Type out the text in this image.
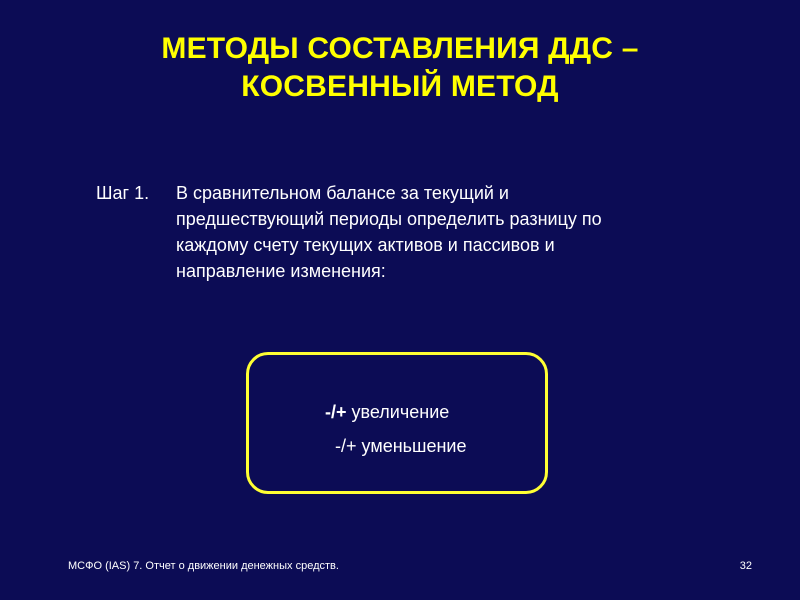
МЕТОДЫ СОСТАВЛЕНИЯ ДДС –
КОСВЕННЫЙ МЕТОД
Шаг 1. В сравнительном балансе за текущий и
предшествующий периоды определить разницу по
каждому счету текущих активов и пассивов и
направление изменения:
-/+ увеличение
-/+ уменьшение
МСФО (IAS) 7. Отчет о движении денежных средств.	32
